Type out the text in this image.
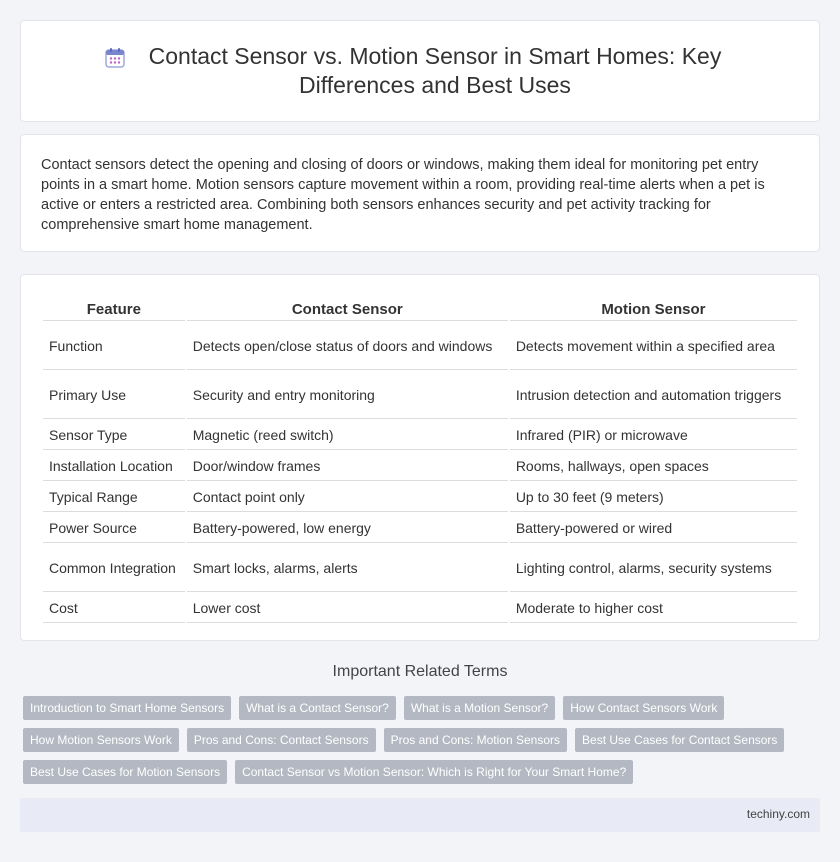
Contact Sensor vs. Motion Sensor in Smart Homes: Key Differences and Best Uses

Contact sensors detect the opening and closing of doors or windows, making them ideal for monitoring pet entry points in a smart home. Motion sensors capture movement within a room, providing real-time alerts when a pet is active or enters a restricted area. Combining both sensors enhances security and pet activity tracking for comprehensive smart home management.

Feature	Contact Sensor	Motion Sensor
Function	Detects open/close status of doors and windows	Detects movement within a specified area
Primary Use	Security and entry monitoring	Intrusion detection and automation triggers
Sensor Type	Magnetic (reed switch)	Infrared (PIR) or microwave
Installation Location	Door/window frames	Rooms, hallways, open spaces
Typical Range	Contact point only	Up to 30 feet (9 meters)
Power Source	Battery-powered, low energy	Battery-powered or wired
Common Integration	Smart locks, alarms, alerts	Lighting control, alarms, security systems
Cost	Lower cost	Moderate to higher cost
Important Related Terms
Introduction to Smart Home Sensors	What is a Contact Sensor?	What is a Motion Sensor?	How Contact Sensors Work
How Motion Sensors Work	Pros and Cons: Contact Sensors	Pros and Cons: Motion Sensors	Best Use Cases for Contact Sensors
Best Use Cases for Motion Sensors	Contact Sensor vs Motion Sensor: Which is Right for Your Smart Home?
techiny.com
